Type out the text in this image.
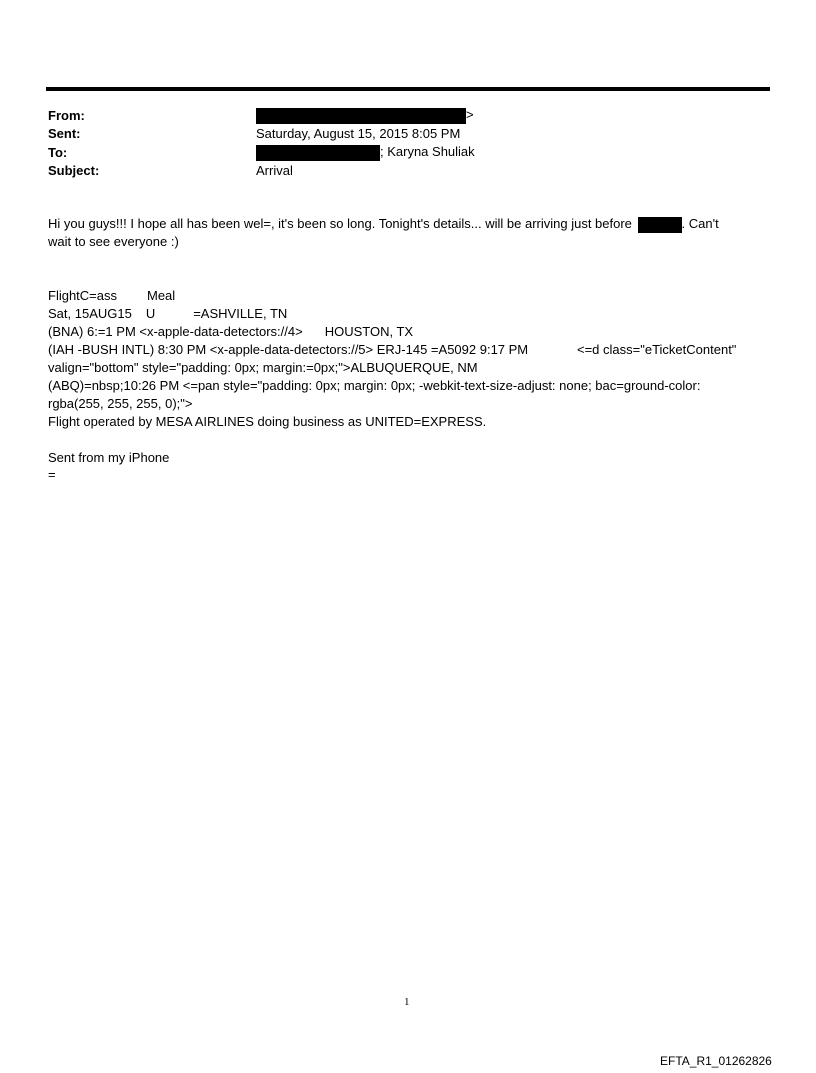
From:	>
Sent:	Saturday, August 15, 2015 8:05 PM
To:	; Karyna Shuliak
Subject:	Arrival
Hi you guys!!! I hope all has been wel=, it's been so long. Tonight's details... will be arriving just before	. Can't
wait to see everyone :)
FlightC=ass Meal
Sat, 15AUG15 U	=ASHVILLE, TN
(BNA) 6:=1 PM <x-apple-data-detectors://4> HOUSTON, TX
(IAH -BUSH INTL) 8:30 PM <x-apple-data-detectors://5> ERJ-145 =A5092 9:17 PM	<=d class="eTicketContent"
valign="bottom" style="padding: 0px; margin:=0px;">ALBUQUERQUE, NM
(ABQ)=nbsp;10:26 PM <=pan style="padding: 0px; margin: 0px; -webkit-text-size-adjust: none; bac=ground-color:
rgba(255, 255, 255, 0);">
Flight operated by MESA AIRLINES doing business as UNITED=EXPRESS.
Sent from my iPhone
=
1
EFTA_R1_01262826
